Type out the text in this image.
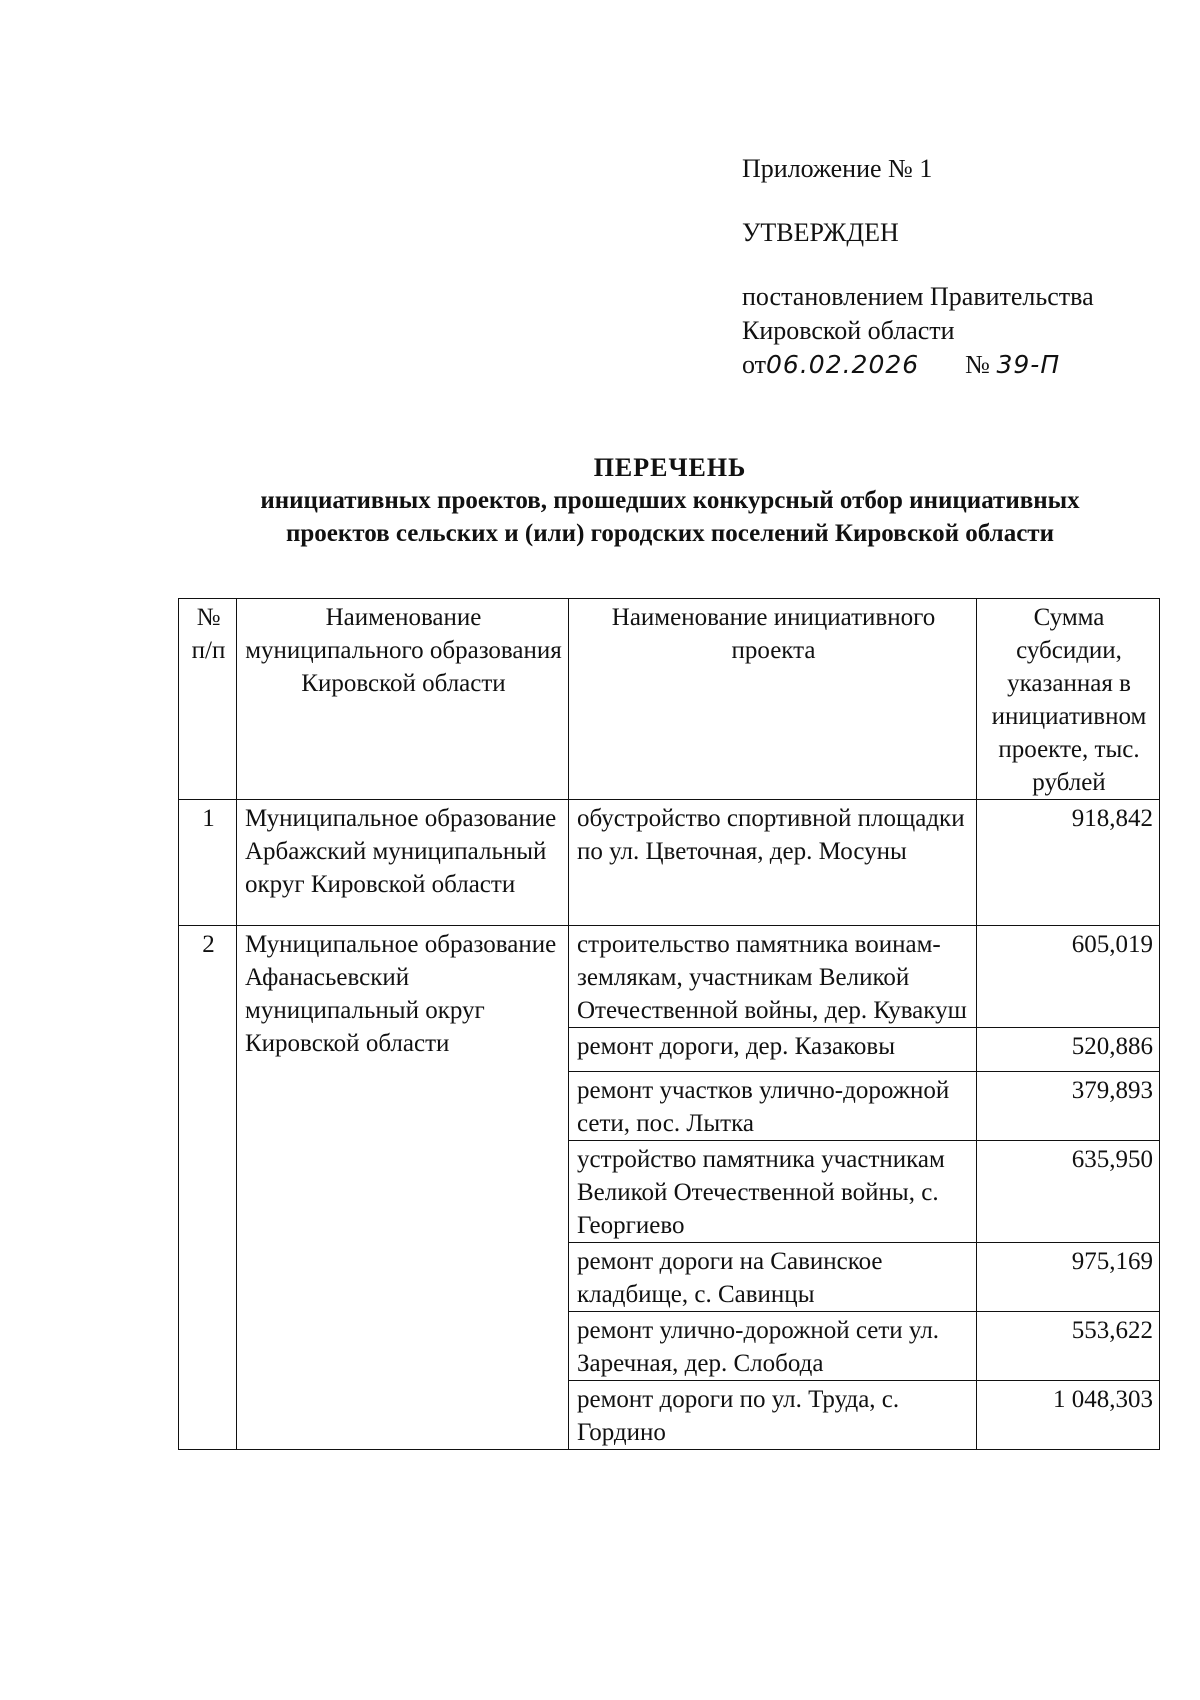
Приложение № 1
УТВЕРЖДЕН
постановлением Правительства
Кировской области
от06.02.2026 № 39-П
ПЕРЕЧЕНЬ
инициативных проектов, прошедших конкурсный отбор инициативных
проектов сельских и (или) городских поселений Кировской области
№ п/п	Наименование муниципального образования Кировской области	Наименование инициативного проекта	Сумма субсидии, указанная в инициативном проекте, тыс. рублей
1	Муниципальное образование Арбажский муниципальный округ Кировской области	обустройство спортивной площадки по ул. Цветочная, дер. Мосуны	918,842
2	Муниципальное образование Афанасьевский муниципальный округ Кировской области	строительство памятника воинам-землякам, участникам Великой Отечественной войны, дер. Кувакуш	605,019
		ремонт дороги, дер. Казаковы	520,886
		ремонт участков улично-дорожной сети, пос. Лытка	379,893
		устройство памятника участникам Великой Отечественной войны, с. Георгиево	635,950
		ремонт дороги на Савинское кладбище, с. Савинцы	975,169
		ремонт улично-дорожной сети ул. Заречная, дер. Слобода	553,622
		ремонт дороги по ул. Труда, с. Гордино	1 048,303
